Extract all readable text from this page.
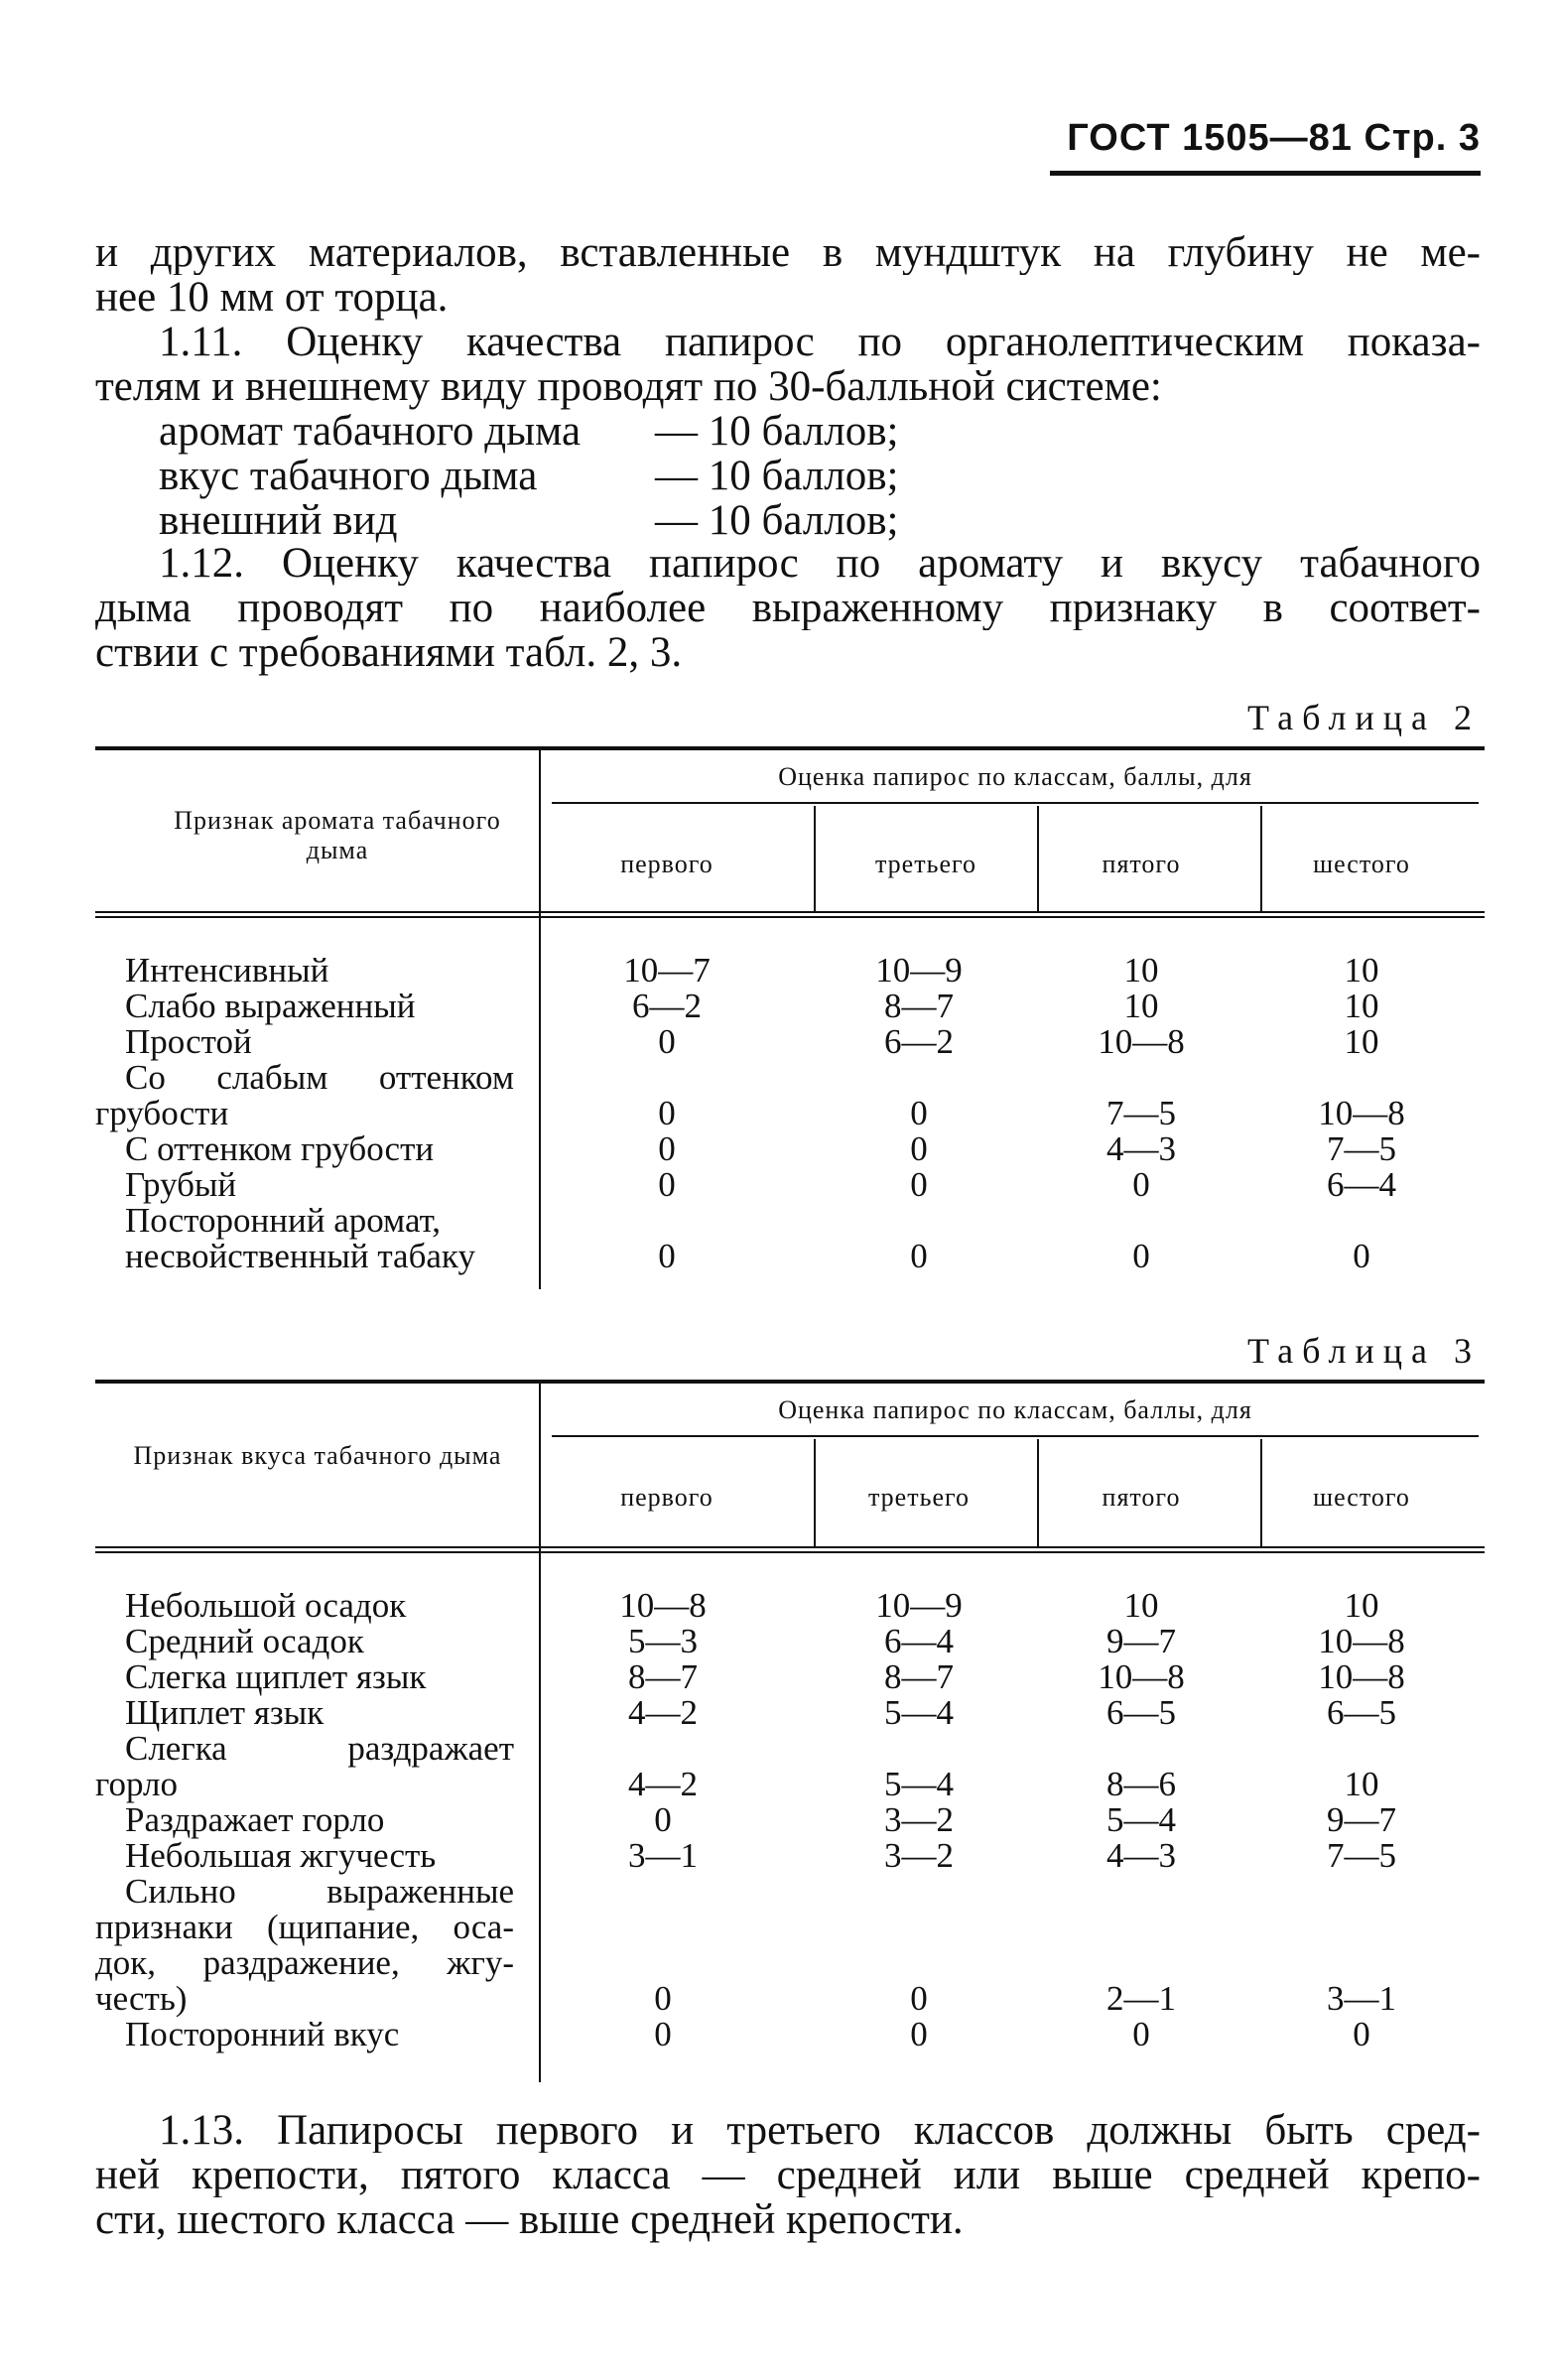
ГОСТ 1505—81 Стр. 3
и других материалов, вставленные в мундштук на глубину не ме-
нее 10 мм от торца.
1.11. Оценку качества папирос по органолептическим показа-
телям и внешнему виду проводят по 30-балльной системе:
аромат табачного дыма	— 10 баллов;
вкус табачного дыма	— 10 баллов;
внешний вид	— 10 баллов;
1.12. Оценку качества папирос по аромату и вкусу табачного
дыма проводят по наиболее выраженному признаку в соответ-
ствии с требованиями табл. 2, 3.
Таблица 2
Признак аромата табачного дыма
Оценка папирос по классам, баллы, для
первого	третьего	пятого	шестого
Интенсивный	10—7	10—9	10	10
Слабо выраженный	6—2	8—7	10	10
Простой	0	6—2	10—8	10
Со слабым оттенком
грубости	0	0	7—5	10—8
С оттенком грубости	0	0	4—3	7—5
Грубый	0	0	0	6—4
Посторонний аромат,
несвойственный табаку	0	0	0	0
Таблица 3
Признак вкуса табачного дыма
Оценка папирос по классам, баллы, для
первого	третьего	пятого	шестого
Небольшой осадок	10—8	10—9	10	10
Средний осадок	5—3	6—4	9—7	10—8
Слегка щиплет язык	8—7	8—7	10—8	10—8
Щиплет язык	4—2	5—4	6—5	6—5
Слегка раздражает
горло	4—2	5—4	8—6	10
Раздражает горло	0	3—2	5—4	9—7
Небольшая жгучесть	3—1	3—2	4—3	7—5
Сильно выраженные
признаки (щипание, оса-
док, раздражение, жгу-
честь)	0	0	2—1	3—1
Посторонний вкус	0	0	0	0
1.13. Папиросы первого и третьего классов должны быть сред-
ней крепости, пятого класса — средней или выше средней крепо-
сти, шестого класса — выше средней крепости.
